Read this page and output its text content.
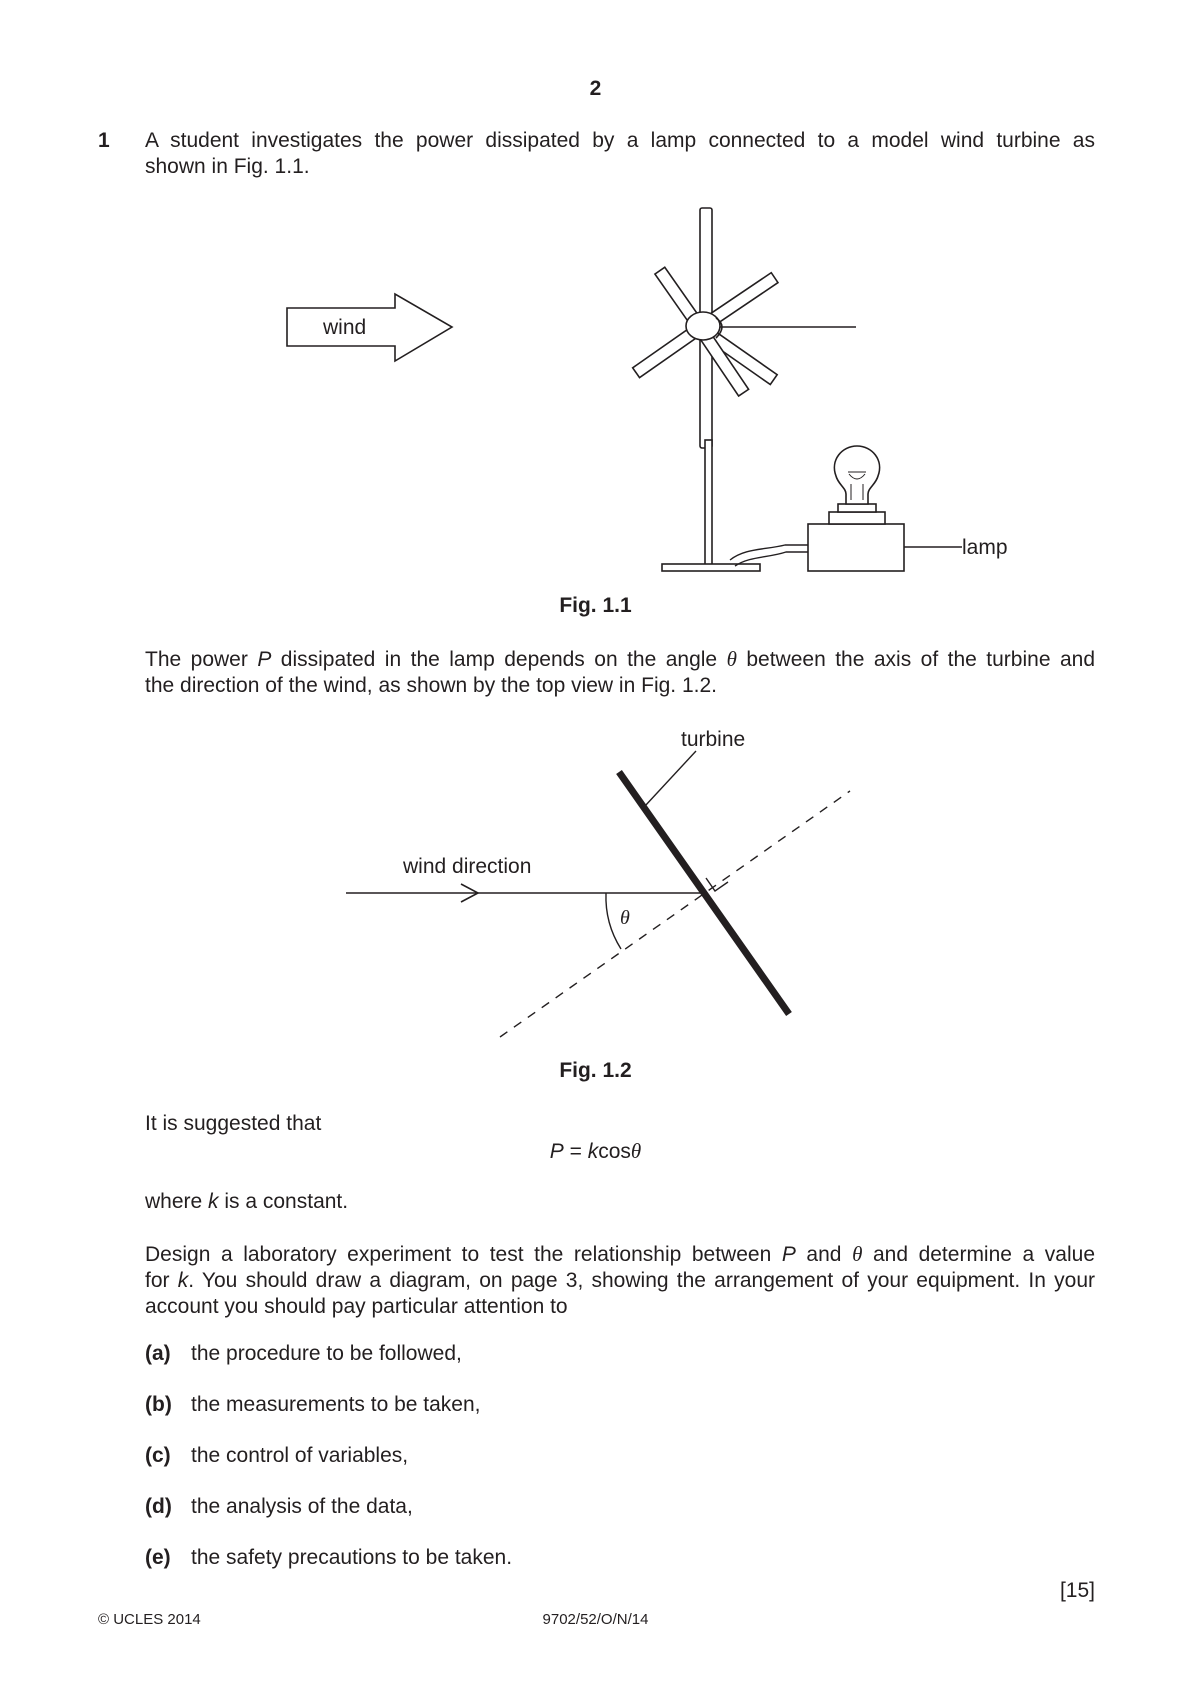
2
1 A student investigates the power dissipated by a lamp connected to a model wind turbine as
shown in Fig. 1.1.
wind
lamp
Fig. 1.1
The power P dissipated in the lamp depends on the angle θ between the axis of the turbine and
the direction of the wind, as shown by the top view in Fig. 1.2.
turbine
wind direction
θ
Fig. 1.2
It is suggested that
P = kcosθ
where k is a constant.
Design a laboratory experiment to test the relationship between P and θ and determine a value
for k. You should draw a diagram, on page 3, showing the arrangement of your equipment. In your
account you should pay particular attention to
(a) the procedure to be followed,
(b) the measurements to be taken,
(c) the control of variables,
(d) the analysis of the data,
(e) the safety precautions to be taken.
[15]
© UCLES 2014	9702/52/O/N/14
